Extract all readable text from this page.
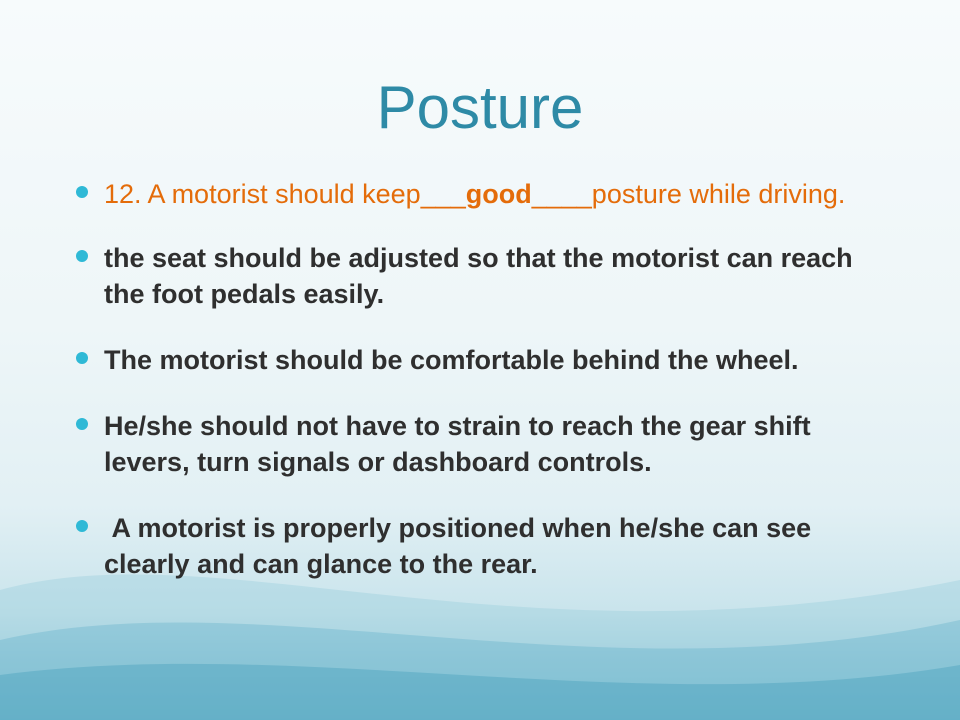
Posture
12. A motorist should keep___good____posture while driving.
the seat should be adjusted so that the motorist can reach the foot pedals easily.
The motorist should be comfortable behind the wheel.
He/she should not have to strain to reach the gear shift levers, turn signals or dashboard controls.
A motorist is properly positioned when he/she can see clearly and can glance to the rear.
